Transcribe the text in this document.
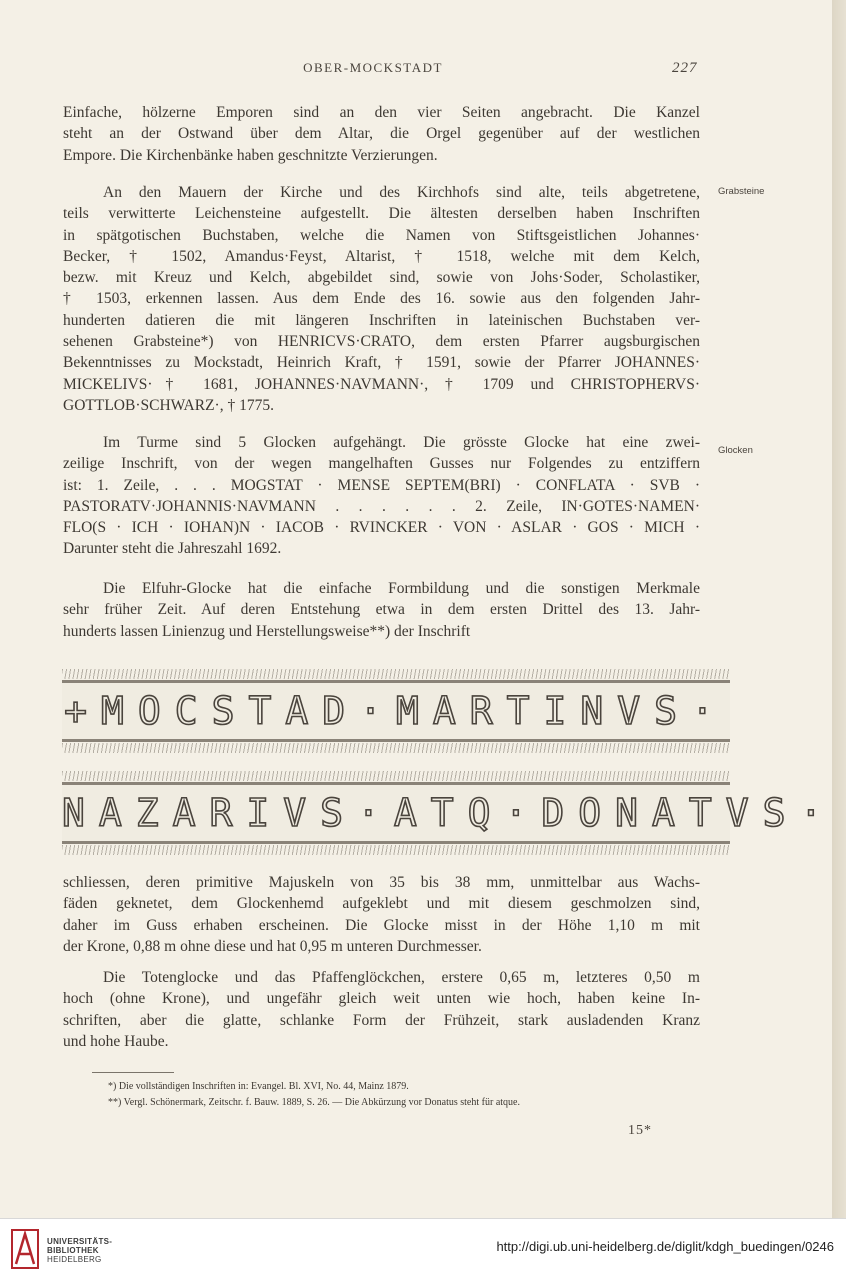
OBER-MOCKSTADT	227
Einfache, hölzerne Emporen sind an den vier Seiten angebracht. Die Kanzel
steht an der Ostwand über dem Altar, die Orgel gegenüber auf der westlichen
Empore. Die Kirchenbänke haben geschnitzte Verzierungen.
An den Mauern der Kirche und des Kirchhofs sind alte, teils abgetretene,
teils verwitterte Leichensteine aufgestellt. Die ältesten derselben haben Inschriften
in spätgotischen Buchstaben, welche die Namen von Stiftsgeistlichen Johannes·
Becker, † 1502, Amandus·Feyst, Altarist, † 1518, welche mit dem Kelch,
bezw. mit Kreuz und Kelch, abgebildet sind, sowie von Johs·Soder, Scholastiker,
† 1503, erkennen lassen. Aus dem Ende des 16. sowie aus den folgenden Jahr-
hunderten datieren die mit längeren Inschriften in lateinischen Buchstaben ver-
sehenen Grabsteine*) von HENRICVS·CRATO, dem ersten Pfarrer augsburgischen
Bekenntnisses zu Mockstadt, Heinrich Kraft, † 1591, sowie der Pfarrer JOHANNES·
MICKELIVS·† 1681, JOHANNES·NAVMANN·, † 1709 und CHRISTOPHERVS·
GOTTLOB·SCHWARZ·, † 1775.
Grabsteine
Im Turme sind 5 Glocken aufgehängt. Die grösste Glocke hat eine zwei-
zeilige Inschrift, von der wegen mangelhaften Gusses nur Folgendes zu entziffern
ist: 1. Zeile, . . . MOGSTAT · MENSE SEPTEM(BRI) · CONFLATA · SVB ·
PASTORATV·JOHANNIS·NAVMANN . . . . . . 2. Zeile, IN·GOTES·NAMEN·
FLO(S · ICH · IOHAN)N · IACOB · RVINCKER · VON · ASLAR · GOS · MICH ·
Darunter steht die Jahreszahl 1692.
Glocken
Die Elfuhr-Glocke hat die einfache Formbildung und die sonstigen Merkmale
sehr früher Zeit. Auf deren Entstehung etwa in dem ersten Drittel des 13. Jahr-
hunderts lassen Linienzug und Herstellungsweise**) der Inschrift
+MOCSTAD·MARTINVS·
NAZARIVS·ATQ·DONATVS·
schliessen, deren primitive Majuskeln von 35 bis 38 mm, unmittelbar aus Wachs-
fäden geknetet, dem Glockenhemd aufgeklebt und mit diesem geschmolzen sind,
daher im Guss erhaben erscheinen. Die Glocke misst in der Höhe 1,10 m mit
der Krone, 0,88 m ohne diese und hat 0,95 m unteren Durchmesser.
Die Totenglocke und das Pfaffenglöckchen, erstere 0,65 m, letzteres 0,50 m
hoch (ohne Krone), und ungefähr gleich weit unten wie hoch, haben keine In-
schriften, aber die glatte, schlanke Form der Frühzeit, stark ausladenden Kranz
und hohe Haube.
*) Die vollständigen Inschriften in: Evangel. Bl. XVI, No. 44, Mainz 1879.
**) Vergl. Schönermark, Zeitschr. f. Bauw. 1889, S. 26. — Die Abkürzung vor Donatus steht für atque.
15*
UNIVERSITÄTS-
BIBLIOTHEK
HEIDELBERG
http://digi.ub.uni-heidelberg.de/diglit/kdgh_buedingen/0246
